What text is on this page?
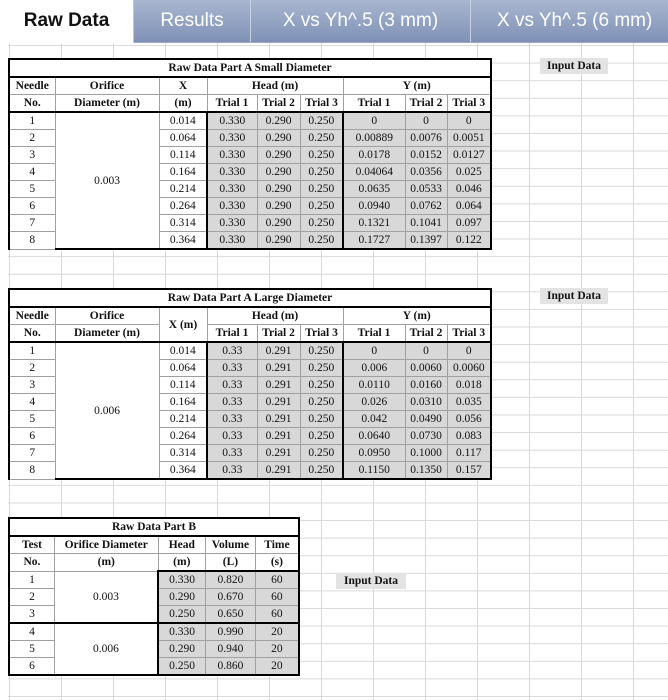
Raw Data	Results	X vs Yh^.5 (3 mm)	X vs Yh^.5 (6 mm)
Input Data
Input Data
Input Data
Raw Data Part A Small Diameter								
Needle	Orifice	X	Head (m)			Y (m)		
No.	Diameter (m)	(m)	Trial 1	Trial 2	Trial 3	Trial 1	Trial 2	Trial 3
1	0.003	0.014	0.330	0.290	0.250	0	0	0
2		0.064	0.330	0.290	0.250	0.00889	0.0076	0.0051
3		0.114	0.330	0.290	0.250	0.0178	0.0152	0.0127
4		0.164	0.330	0.290	0.250	0.04064	0.0356	0.025
5		0.214	0.330	0.290	0.250	0.0635	0.0533	0.046
6		0.264	0.330	0.290	0.250	0.0940	0.0762	0.064
7		0.314	0.330	0.290	0.250	0.1321	0.1041	0.097
8		0.364	0.330	0.290	0.250	0.1727	0.1397	0.122
Raw Data Part A Large Diameter								
Needle	Orifice	X (m)	Head (m)			Y (m)		
No.	Diameter (m)		Trial 1	Trial 2	Trial 3	Trial 1	Trial 2	Trial 3
1	0.006	0.014	0.33	0.291	0.250	0	0	0
2		0.064	0.33	0.291	0.250	0.006	0.0060	0.0060
3		0.114	0.33	0.291	0.250	0.0110	0.0160	0.018
4		0.164	0.33	0.291	0.250	0.026	0.0310	0.035
5		0.214	0.33	0.291	0.250	0.042	0.0490	0.056
6		0.264	0.33	0.291	0.250	0.0640	0.0730	0.083
7		0.314	0.33	0.291	0.250	0.0950	0.1000	0.117
8		0.364	0.33	0.291	0.250	0.1150	0.1350	0.157
Raw Data Part B				
Test	Orifice Diameter	Head	Volume	Time
No.	(m)	(m)	(L)	(s)
1	0.003	0.330	0.820	60
2		0.290	0.670	60
3		0.250	0.650	60
4	0.006	0.330	0.990	20
5		0.290	0.940	20
6		0.250	0.860	20
